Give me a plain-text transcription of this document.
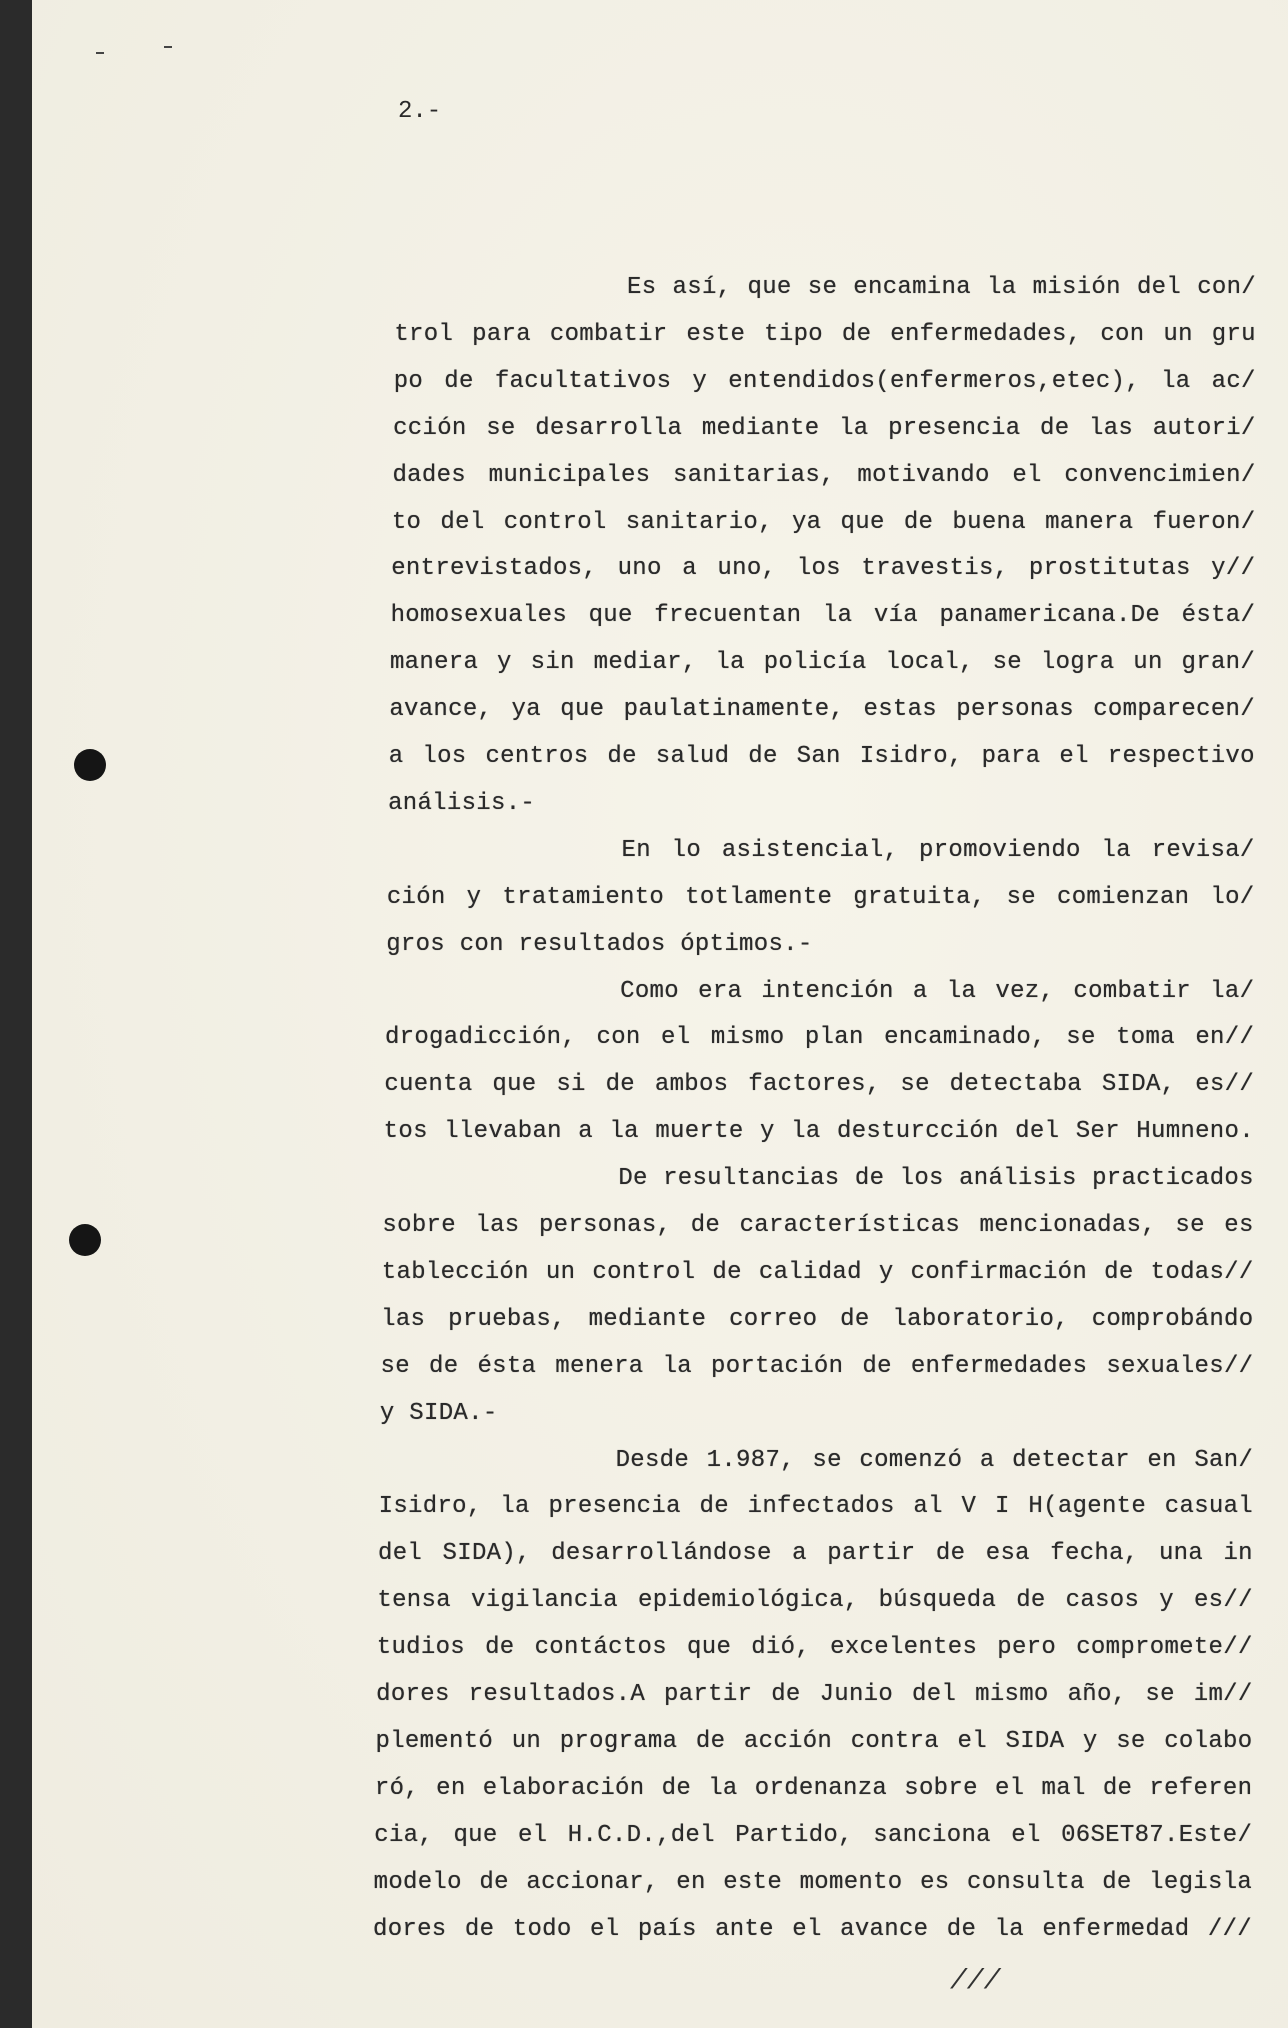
2.-
Es así, que se encamina la misión del con/
trol para combatir este tipo de enfermedades, con un gru
po de facultativos y entendidos(enfermeros,etec), la ac/
cción se desarrolla mediante la presencia de las autori/
dades municipales sanitarias, motivando el convencimien/
to del control sanitario, ya que de buena manera fueron/
entrevistados, uno a uno, los travestis, prostitutas y//
homosexuales que frecuentan la vía panamericana.De ésta/
manera y sin mediar, la policía local, se logra un gran/
avance, ya que paulatinamente, estas personas comparecen/
a los centros de salud de San Isidro, para el respectivo
análisis.-
En lo asistencial, promoviendo la revisa/
ción y tratamiento totlamente gratuita, se comienzan lo/
gros con resultados óptimos.-
Como era intención a la vez, combatir la/
drogadicción, con el mismo plan encaminado, se toma en//
cuenta que si de ambos factores, se detectaba SIDA, es//
tos llevaban a la muerte y la desturcción del Ser Humneno.
De resultancias de los análisis practicados
sobre las personas, de características mencionadas, se es
tablección un control de calidad y confirmación de todas//
las pruebas, mediante correo de laboratorio, comprobándo
se de ésta menera la portación de enfermedades sexuales//
y SIDA.-
Desde 1.987, se comenzó a detectar en San/
Isidro, la presencia de infectados al V I H(agente casual
del SIDA), desarrollándose a partir de esa fecha, una in
tensa vigilancia epidemiológica, búsqueda de casos y es//
tudios de contáctos que dió, excelentes pero comprometе//
dores resultados.A partir de Junio del mismo año, se im//
plementó un programa de acción contra el SIDA y se colabo
ró, en elaboración de la ordenanza sobre el mal de referen
cia, que el H.C.D.,del Partido, sanciona el 06SET87.Este/
modelo de accionar, en este momento es consulta de legisla
dores de todo el país ante el avance de la enfermedad ///
///
